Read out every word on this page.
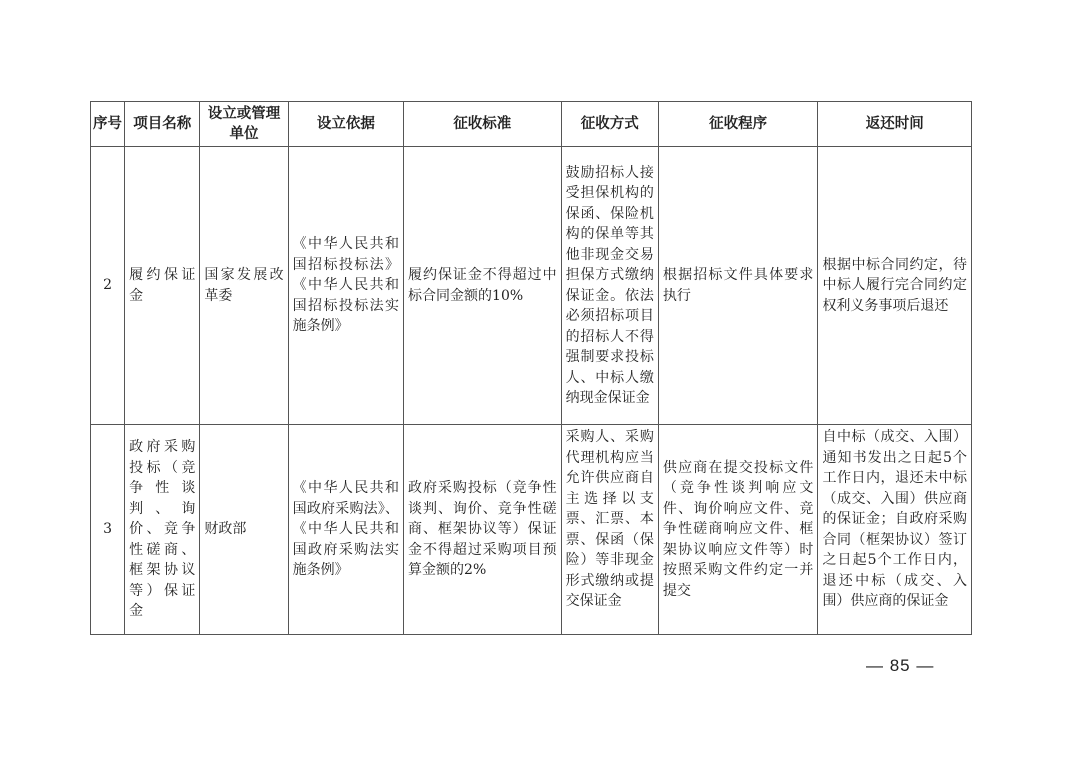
序号	项目名称	设立或管理单位	设立依据	征收标准	征收方式	征收程序	返还时间
2	履约保证金	国家发展改革委	《中华人民共和国招标投标法》《中华人民共和国招标投标法实施条例》	履约保证金不得超过中标合同金额的10%	鼓励招标人接受担保机构的保函、保险机构的保单等其他非现金交易担保方式缴纳保证金。依法必须招标项目的招标人不得强制要求投标人、中标人缴纳现金保证金	根据招标文件具体要求执行	根据中标合同约定，待中标人履行完合同约定权利义务事项后退还
3	政府采购投标（竞争性谈判、询价、竞争性磋商、框架协议等）保证金	财政部	《中华人民共和国政府采购法》、《中华人民共和国政府采购法实施条例》	政府采购投标（竞争性谈判、询价、竞争性磋商、框架协议等）保证金不得超过采购项目预算金额的2%	采购人、采购代理机构应当允许供应商自主选择以支票、汇票、本票、保函（保险）等非现金形式缴纳或提交保证金	供应商在提交投标文件（竞争性谈判响应文件、询价响应文件、竞争性磋商响应文件、框架协议响应文件等）时按照采购文件约定一并提交	自中标（成交、入围）通知书发出之日起5个工作日内，退还未中标（成交、入围）供应商的保证金；自政府采购合同（框架协议）签订之日起5个工作日内，退还中标（成交、入围）供应商的保证金
— 85 —
